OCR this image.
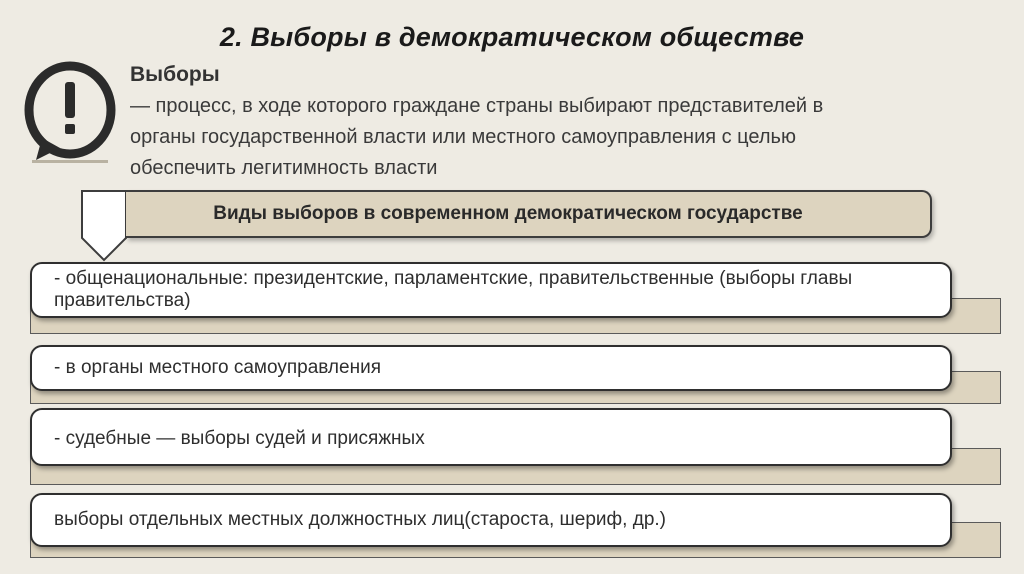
2. Выборы в демократическом обществе
Выборы
— процесс, в ходе которого граждане страны выбирают представителей в
органы государственной власти или местного самоуправления с целью
обеспечить легитимность власти
Виды выборов в современном демократическом государстве
- общенациональные: президентские, парламентские, правительственные (выборы главы правительства)
- в органы местного самоуправления
- судебные — выборы судей и присяжных
выборы отдельных местных должностных лиц(староста, шериф, др.)
